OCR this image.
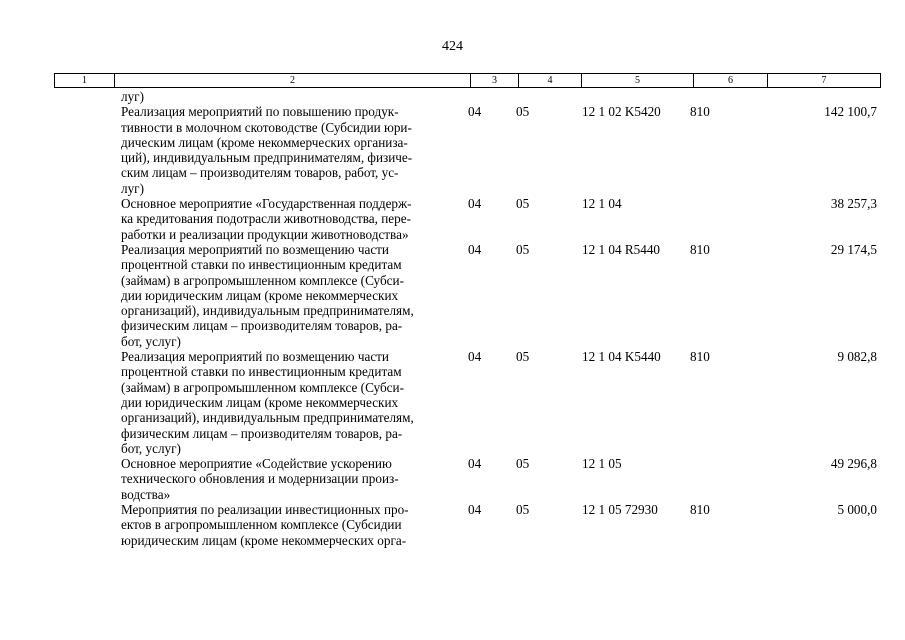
424
1	2	3	4	5	6	7
луг)
Реализация мероприятий по повышению продук-
тивности в молочном скотоводстве (Субсидии юри-
дическим лицам (кроме некоммерческих организа-
ций), индивидуальным предпринимателям, физиче-
ским лицам – производителям товаров, работ, ус-
луг)
04	05	12 1 02 K5420 810	142 100,7
Основное мероприятие «Государственная поддерж-
ка кредитования подотрасли животноводства, пере-
работки и реализации продукции животноводства»
04	05	12 1 04	38 257,3
Реализация мероприятий по возмещению части
процентной ставки по инвестиционным кредитам
(займам) в агропромышленном комплексе (Субси-
дии юридическим лицам (кроме некоммерческих
организаций), индивидуальным предпринимателям,
физическим лицам – производителям товаров, ра-
бот, услуг)
04	05	12 1 04 R5440 810	29 174,5
Реализация мероприятий по возмещению части
процентной ставки по инвестиционным кредитам
(займам) в агропромышленном комплексе (Субси-
дии юридическим лицам (кроме некоммерческих
организаций), индивидуальным предпринимателям,
физическим лицам – производителям товаров, ра-
бот, услуг)
04	05	12 1 04 K5440 810	9 082,8
Основное мероприятие «Содействие ускорению
технического обновления и модернизации произ-
водства»
04	05	12 1 05	49 296,8
Мероприятия по реализации инвестиционных про-
ектов в агропромышленном комплексе (Субсидии
юридическим лицам (кроме некоммерческих орга-
04	05	12 1 05 72930 810	5 000,0
